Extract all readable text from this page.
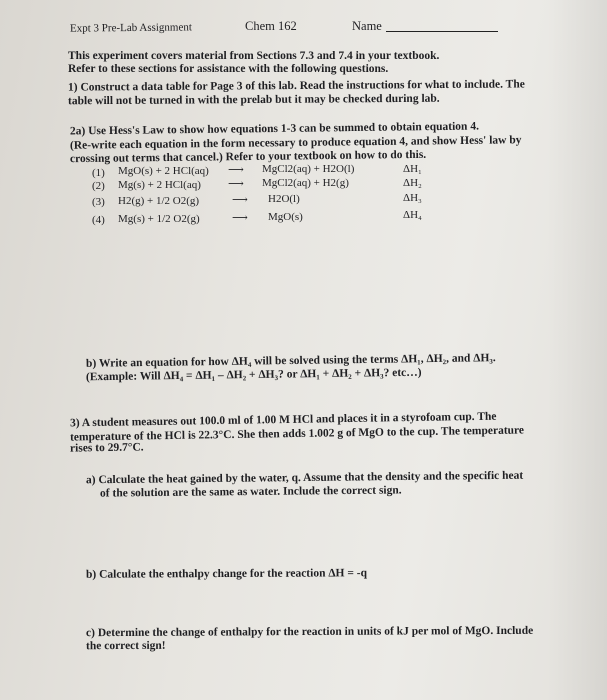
Expt 3 Pre-Lab Assignment	Chem 162	Name
This experiment covers material from Sections 7.3 and 7.4 in your textbook.
Refer to these sections for assistance with the following questions.
1) Construct a data table for Page 3 of this lab. Read the instructions for what to include. The
table will not be turned in with the prelab but it may be checked during lab.
2a) Use Hess's Law to show how equations 1-3 can be summed to obtain equation 4.
(Re-write each equation in the form necessary to produce equation 4, and show Hess' law by
crossing out terms that cancel.) Refer to your textbook on how to do this.
(1) MgO(s) + 2 HCl(aq) ⟶ MgCl2(aq) + H2O(l)	ΔH₁
(2) Mg(s) + 2 HCl(aq) ⟶ MgCl2(aq) + H2(g)	ΔH₂
(3) H2(g) + 1/2 O2(g)	⟶ H2O(l)	ΔH₃
(4) Mg(s) + 1/2 O2(g)	⟶ MgO(s)	ΔH₄
b) Write an equation for how ΔH₄ will be solved using the terms ΔH₁, ΔH₂, and ΔH₃.
(Example: Will ΔH₄ = ΔH₁ – ΔH₂ + ΔH₃? or ΔH₁ + ΔH₂ + ΔH₃? etc…)
3) A student measures out 100.0 ml of 1.00 M HCl and places it in a styrofoam cup. The
temperature of the HCl is 22.3°C. She then adds 1.002 g of MgO to the cup. The temperature
rises to 29.7°C.
a) Calculate the heat gained by the water, q. Assume that the density and the specific heat
of the solution are the same as water. Include the correct sign.
b) Calculate the enthalpy change for the reaction ΔH = -q
c) Determine the change of enthalpy for the reaction in units of kJ per mol of MgO. Include
the correct sign!
